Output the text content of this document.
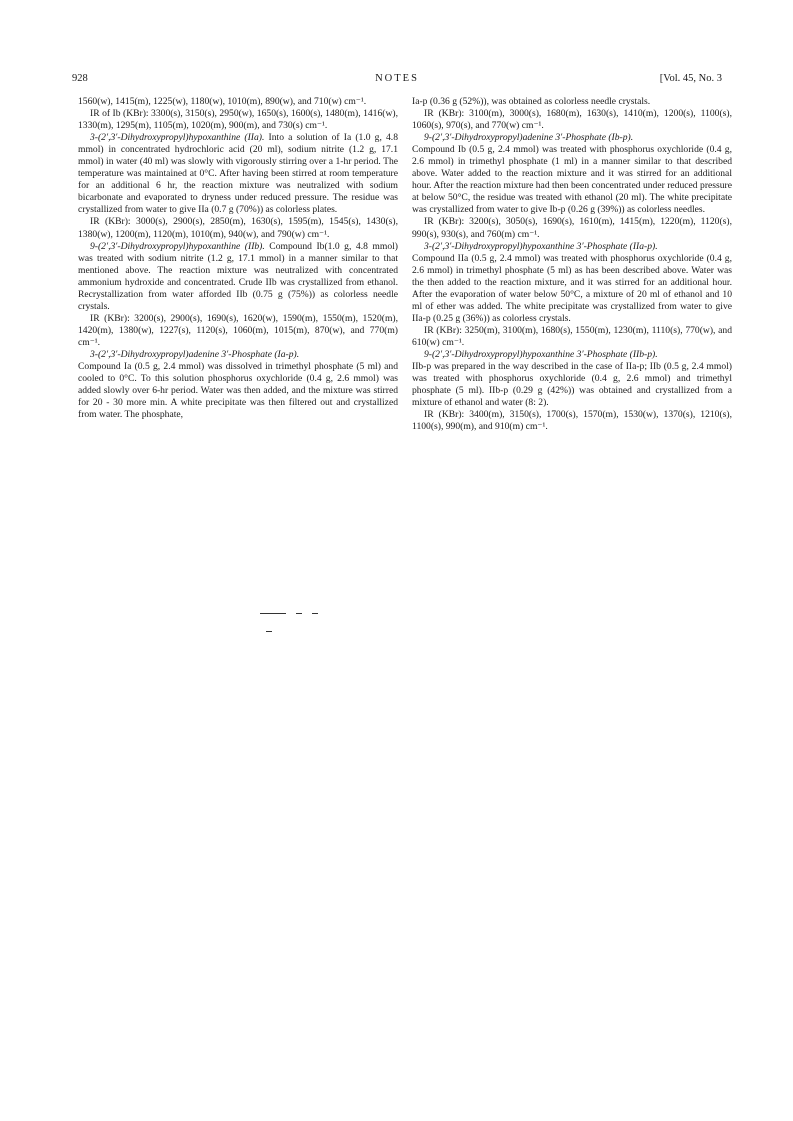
928	NOTES	[Vol. 45, No. 3

1560(w), 1415(m), 1225(w), 1180(w), 1010(m), 890(w), and 710(w) cm⁻¹.

IR of Ib (KBr): 3300(s), 3150(s), 2950(w), 1650(s), 1600(s), 1480(m), 1416(w), 1330(m), 1295(m), 1105(m), 1020(m), 900(m), and 730(s) cm⁻¹.

3-(2′,3′-Dihydroxypropyl)hypoxanthine (IIa). Into a solution of Ia (1.0 g, 4.8 mmol) in concentrated hydrochloric acid (20 ml), sodium nitrite (1.2 g, 17.1 mmol) in water (40 ml) was slowly with vigorously stirring over a 1-hr period. The temperature was maintained at 0°C. After having been stirred at room temperature for an additional 6 hr, the reaction mixture was neutralized with sodium bicarbonate and evaporated to dryness under reduced pressure. The residue was crystallized from water to give IIa (0.7 g (70%)) as colorless plates.

IR (KBr): 3000(s), 2900(s), 2850(m), 1630(s), 1595(m), 1545(s), 1430(s), 1380(w), 1200(m), 1120(m), 1010(m), 940(w), and 790(w) cm⁻¹.

9-(2′,3′-Dihydroxypropyl)hypoxanthine (IIb). Compound Ib(1.0 g, 4.8 mmol) was treated with sodium nitrite (1.2 g, 17.1 mmol) in a manner similar to that mentioned above. The reaction mixture was neutralized with concentrated ammonium hydroxide and concentrated. Crude IIb was crystallized from ethanol. Recrystallization from water afforded IIb (0.75 g (75%)) as colorless needle crystals.

IR (KBr): 3200(s), 2900(s), 1690(s), 1620(w), 1590(m), 1550(m), 1520(m), 1420(m), 1380(w), 1227(s), 1120(s), 1060(m), 1015(m), 870(w), and 770(m) cm⁻¹.

3-(2′,3′-Dihydroxypropyl)adenine 3′-Phosphate (Ia-p).

Compound Ia (0.5 g, 2.4 mmol) was dissolved in trimethyl phosphate (5 ml) and cooled to 0°C. To this solution phosphorus oxychloride (0.4 g, 2.6 mmol) was added slowly over 6-hr period. Water was then added, and the mixture was stirred for 20 - 30 more min. A white precipitate was then filtered out and crystallized from water. The phosphate,

Ia-p (0.36 g (52%)), was obtained as colorless needle crystals.

IR (KBr): 3100(m), 3000(s), 1680(m), 1630(s), 1410(m), 1200(s), 1100(s), 1060(s), 970(s), and 770(w) cm⁻¹.

9-(2′,3′-Dihydroxypropyl)adenine 3′-Phosphate (Ib-p).

Compound Ib (0.5 g, 2.4 mmol) was treated with phosphorus oxychloride (0.4 g, 2.6 mmol) in trimethyl phosphate (1 ml) in a manner similar to that described above. Water added to the reaction mixture and it was stirred for an additional hour. After the reaction mixture had then been concentrated under reduced pressure at below 50°C, the residue was treated with ethanol (20 ml). The white precipitate was crystallized from water to give Ib-p (0.26 g (39%)) as colorless needles.

IR (KBr): 3200(s), 3050(s), 1690(s), 1610(m), 1415(m), 1220(m), 1120(s), 990(s), 930(s), and 760(m) cm⁻¹.

3-(2′,3′-Dihydroxypropyl)hypoxanthine 3′-Phosphate (IIa-p).

Compound IIa (0.5 g, 2.4 mmol) was treated with phosphorus oxychloride (0.4 g, 2.6 mmol) in trimethyl phosphate (5 ml) as has been described above. Water was the then added to the reaction mixture, and it was stirred for an additional hour. After the evaporation of water below 50°C, a mixture of 20 ml of ethanol and 10 ml of ether was added. The white precipitate was crystallized from water to give IIa-p (0.25 g (36%)) as colorless crystals.

IR (KBr): 3250(m), 3100(m), 1680(s), 1550(m), 1230(m), 1110(s), 770(w), and 610(w) cm⁻¹.

9-(2′,3′-Dihydroxypropyl)hypoxanthine 3′-Phosphate (IIb-p).

IIb-p was prepared in the way described in the case of IIa-p; IIb (0.5 g, 2.4 mmol) was treated with phosphorus oxychloride (0.4 g, 2.6 mmol) and trimethyl phosphate (5 ml). IIb-p (0.29 g (42%)) was obtained and crystallized from a mixture of ethanol and water (8: 2).

IR (KBr): 3400(m), 3150(s), 1700(s), 1570(m), 1530(w), 1370(s), 1210(s), 1100(s), 990(m), and 910(m) cm⁻¹.
